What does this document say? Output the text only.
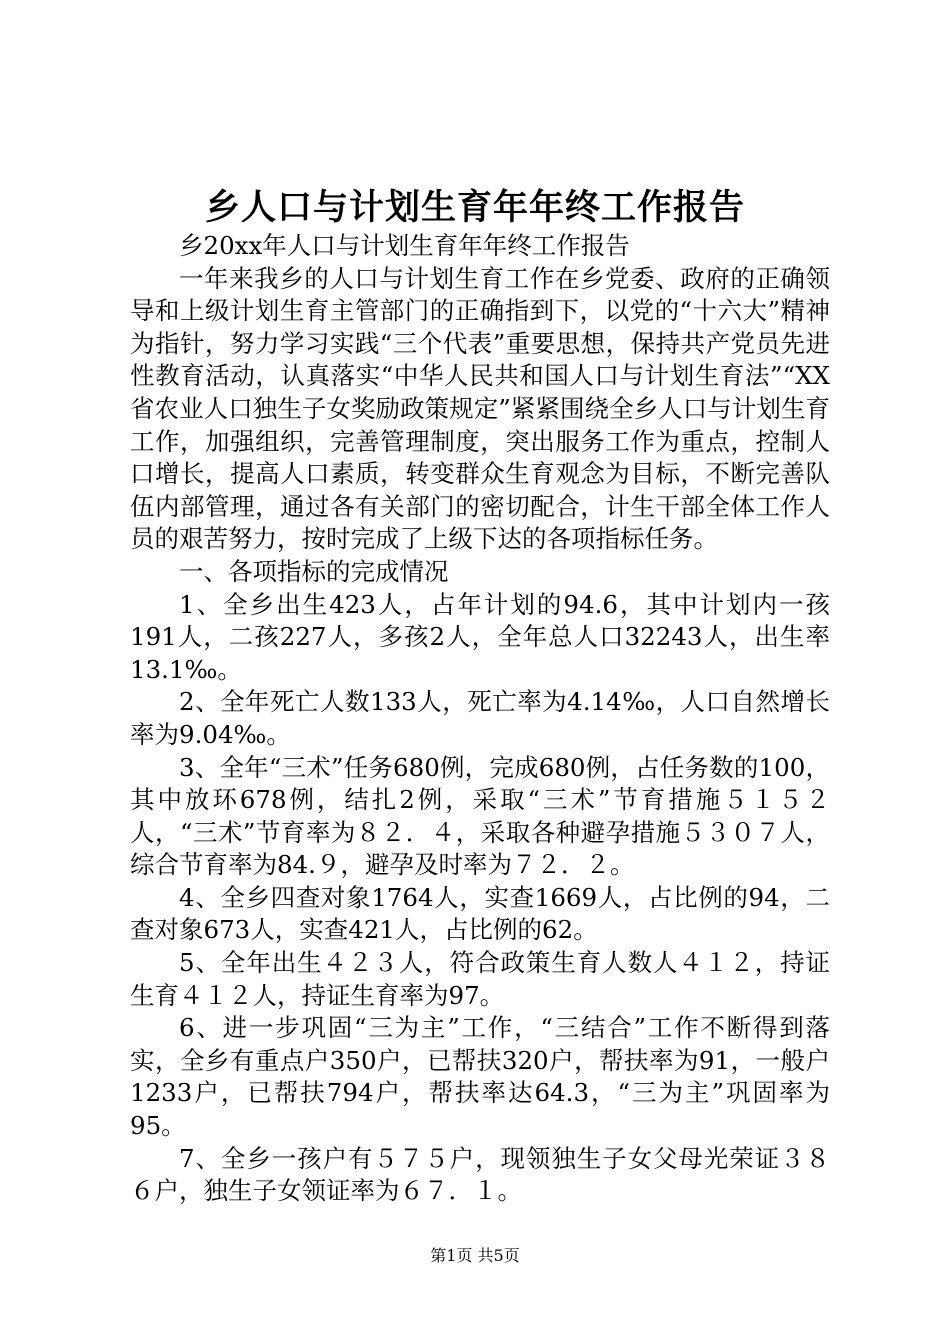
乡人口与计划生育年年终工作报告

乡20xx年人口与计划生育年年终工作报告

一年来我乡的人口与计划生育工作在乡党委、政府的正确领导和上级计划生育主管部门的正确指到下，以党的“十六大”精神为指针，努力学习实践“三个代表”重要思想，保持共产党员先进性教育活动，认真落实“中华人民共和国人口与计划生育法”“XX省农业人口独生子女奖励政策规定”紧紧围绕全乡人口与计划生育工作，加强组织，完善管理制度，突出服务工作为重点，控制人口增长，提高人口素质，转变群众生育观念为目标，不断完善队伍内部管理，通过各有关部门的密切配合，计生干部全体工作人员的艰苦努力，按时完成了上级下达的各项指标任务。

一、各项指标的完成情况

1、全乡出生423人，占年计划的94.6，其中计划内一孩191人，二孩227人，多孩2人，全年总人口32243人，出生率13.1‰。

2、全年死亡人数133人，死亡率为4.14‰，人口自然增长率为9.04‰。

3、全年“三术”任务680例，完成680例，占任务数的100，其中放环678例，结扎2例，采取“三术”节育措施５１５２人，“三术”节育率为８２．４，采取各种避孕措施５３０７人，综合节育率为84.９，避孕及时率为７２．２。

4、全乡四查对象1764人，实查1669人，占比例的94，二查对象673人，实查421人，占比例的62。

5、全年出生４２３人，符合政策生育人数人４１２，持证生育４１２人，持证生育率为97。

6、进一步巩固“三为主”工作，“三结合”工作不断得到落实，全乡有重点户350户，已帮扶320户，帮扶率为91，一般户1233户，已帮扶794户，帮扶率达64.3，“三为主”巩固率为95。

7、全乡一孩户有５７５户，现领独生子女父母光荣证３８６户，独生子女领证率为６７．１。

第1页 共5页
